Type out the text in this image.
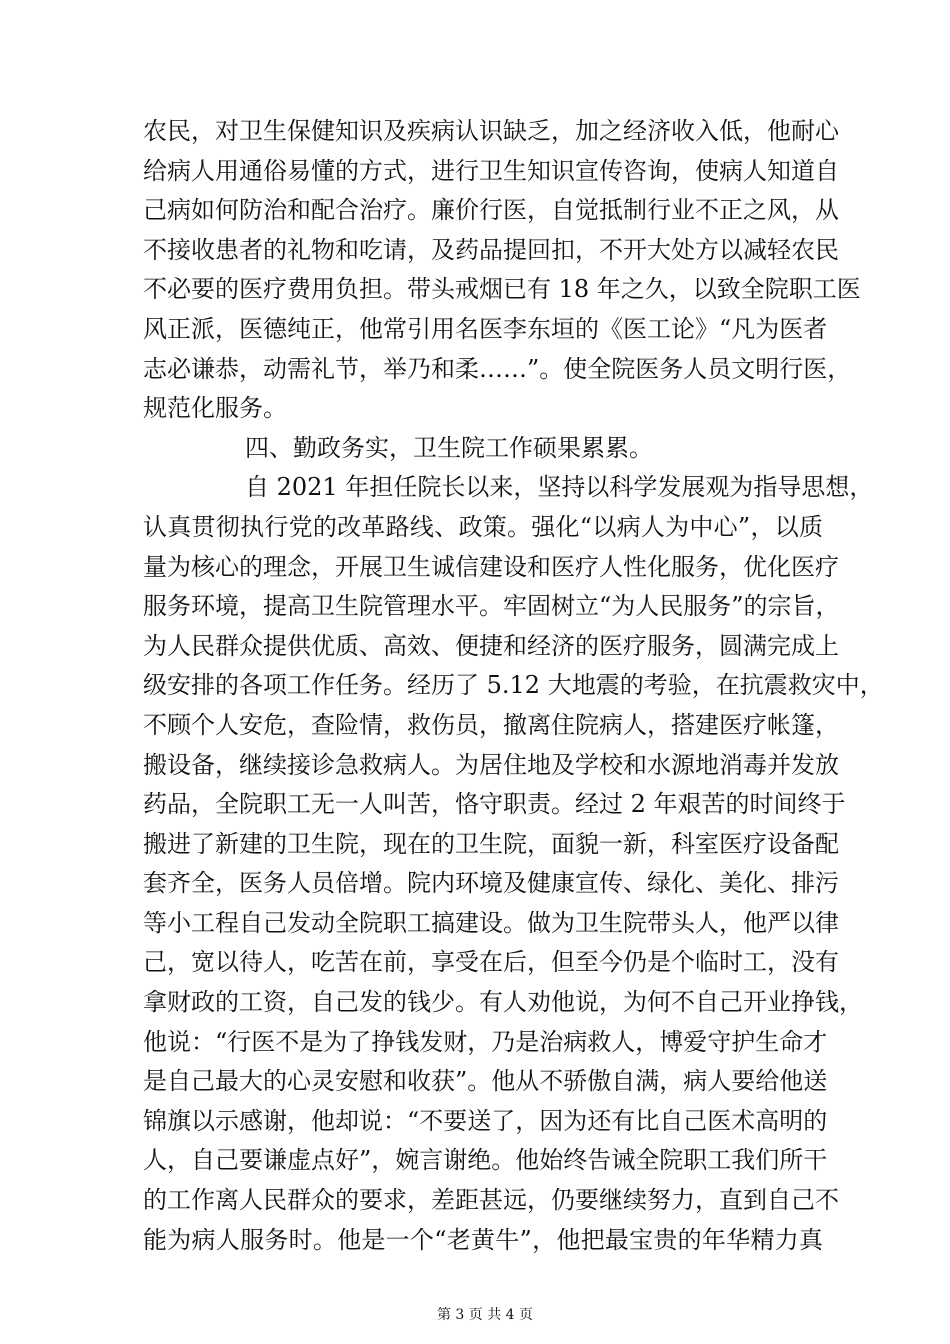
农民，对卫生保健知识及疾病认识缺乏，加之经济收入低，他耐心
给病人用通俗易懂的方式，进行卫生知识宣传咨询，使病人知道自
己病如何防治和配合治疗。廉价行医，自觉抵制行业不正之风，从
不接收患者的礼物和吃请，及药品提回扣，不开大处方以减轻农民
不必要的医疗费用负担。带头戒烟已有 18 年之久，以致全院职工医
风正派，医德纯正，他常引用名医李东垣的《医工论》“凡为医者
志必谦恭，动需礼节，举乃和柔……”。使全院医务人员文明行医，
规范化服务。
四、勤政务实，卫生院工作硕果累累。
自 2021 年担任院长以来，坚持以科学发展观为指导思想，
认真贯彻执行党的改革路线、政策。强化“以病人为中心”，以质
量为核心的理念，开展卫生诚信建设和医疗人性化服务，优化医疗
服务环境，提高卫生院管理水平。牢固树立“为人民服务”的宗旨，
为人民群众提供优质、高效、便捷和经济的医疗服务，圆满完成上
级安排的各项工作任务。经历了 5.12 大地震的考验，在抗震救灾中，
不顾个人安危，查险情，救伤员，撤离住院病人，搭建医疗帐篷，
搬设备，继续接诊急救病人。为居住地及学校和水源地消毒并发放
药品，全院职工无一人叫苦，恪守职责。经过 2 年艰苦的时间终于
搬进了新建的卫生院，现在的卫生院，面貌一新，科室医疗设备配
套齐全，医务人员倍增。院内环境及健康宣传、绿化、美化、排污
等小工程自己发动全院职工搞建设。做为卫生院带头人，他严以律
己，宽以待人，吃苦在前，享受在后，但至今仍是个临时工，没有
拿财政的工资，自己发的钱少。有人劝他说，为何不自己开业挣钱，
他说：“行医不是为了挣钱发财，乃是治病救人，博爱守护生命才
是自己最大的心灵安慰和收获”。他从不骄傲自满，病人要给他送
锦旗以示感谢，他却说：“不要送了，因为还有比自己医术高明的
人，自己要谦虚点好”，婉言谢绝。他始终告诫全院职工我们所干
的工作离人民群众的要求，差距甚远，仍要继续努力，直到自己不
能为病人服务时。他是一个“老黄牛”，他把最宝贵的年华精力真
第 3 页 共 4 页
